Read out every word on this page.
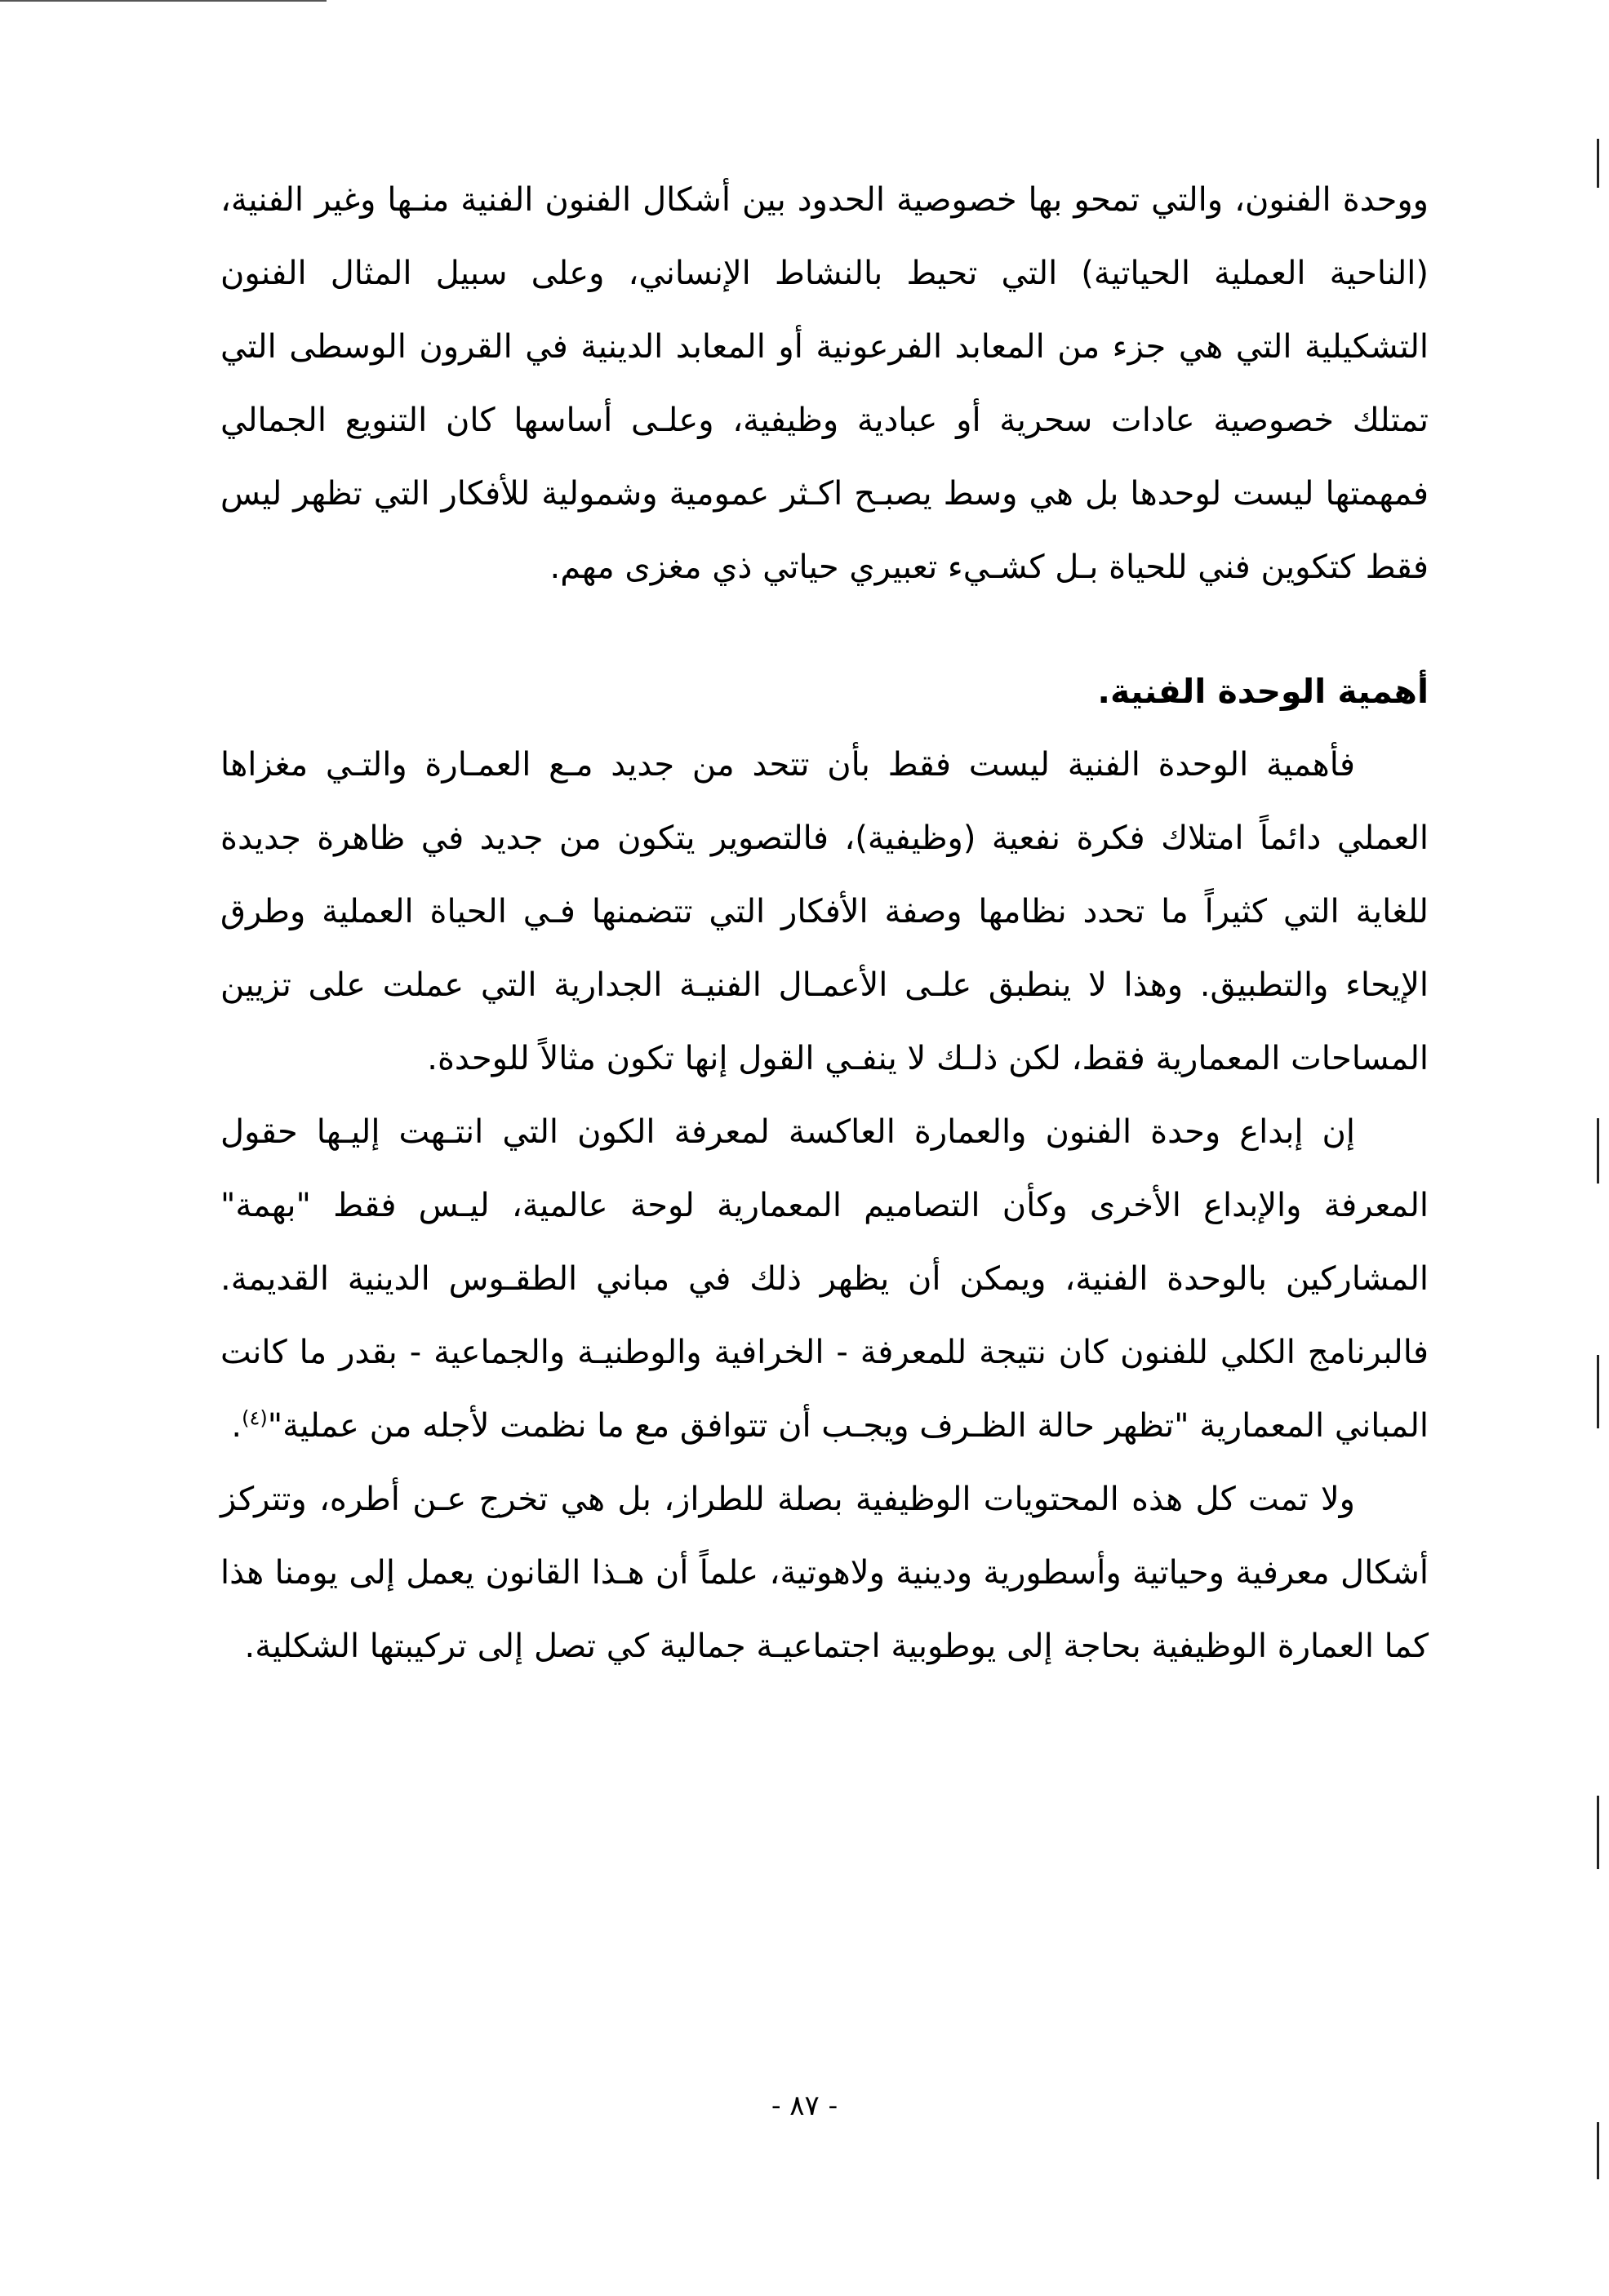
ووحدة الفنون، والتي تمحو بها خصوصية الحدود بين أشكال الفنون الفنية منـها وغير الفنية، (الناحية العملية الحياتية) التي تحيط بالنشاط الإنساني، وعلى سبيل المثال الفنون التشكيلية التي هي جزء من المعابد الفرعونية أو المعابد الدينية في القرون الوسطى التي تمتلك خصوصية عادات سحرية أو عبادية وظيفية، وعلـى أساسها كان التنويع الجمالي فمهمتها ليست لوحدها بل هي وسط يصبـح اكـثر عمومية وشمولية للأفكار التي تظهر ليس فقط كتكوين فني للحياة بـل كشـيء تعبيري حياتي ذي مغزى مهم.

أهمية الوحدة الفنية.

فأهمية الوحدة الفنية ليست فقط بأن تتحد من جديد مـع العمـارة والتـي مغزاها العملي دائماً امتلاك فكرة نفعية (وظيفية)، فالتصوير يتكون من جديد في ظاهرة جديدة للغاية التي كثيراً ما تحدد نظامها وصفة الأفكار التي تتضمنها فـي الحياة العملية وطرق الإيحاء والتطبيق. وهذا لا ينطبق علـى الأعمـال الفنيـة الجدارية التي عملت على تزيين المساحات المعمارية فقط، لكن ذلـك لا ينفـي القول إنها تكون مثالاً للوحدة.

إن إبداع وحدة الفنون والعمارة العاكسة لمعرفة الكون التي انتـهت إليـها حقول المعرفة والإبداع الأخرى وكأن التصاميم المعمارية لوحة عالمية، ليـس فقط "بهمة" المشاركين بالوحدة الفنية، ويمكن أن يظهر ذلك في مباني الطقـوس الدينية القديمة. فالبرنامج الكلي للفنون كان نتيجة للمعرفة - الخرافية والوطنيـة والجماعية - بقدر ما كانت المباني المعمارية "تظهر حالة الظـرف ويجـب أن تتوافق مع ما نظمت لأجله من عملية"$^{(٤)}$.

ولا تمت كل هذه المحتويات الوظيفية بصلة للطراز، بل هي تخرج عـن أطره، وتتركز أشكال معرفية وحياتية وأسطورية ودينية ولاهوتية، علماً أن هـذا القانون يعمل إلى يومنا هذا كما العمارة الوظيفية بحاجة إلى يوطوبية اجتماعيـة جمالية كي تصل إلى تركيبتها الشكلية.

- ٨٧ -
